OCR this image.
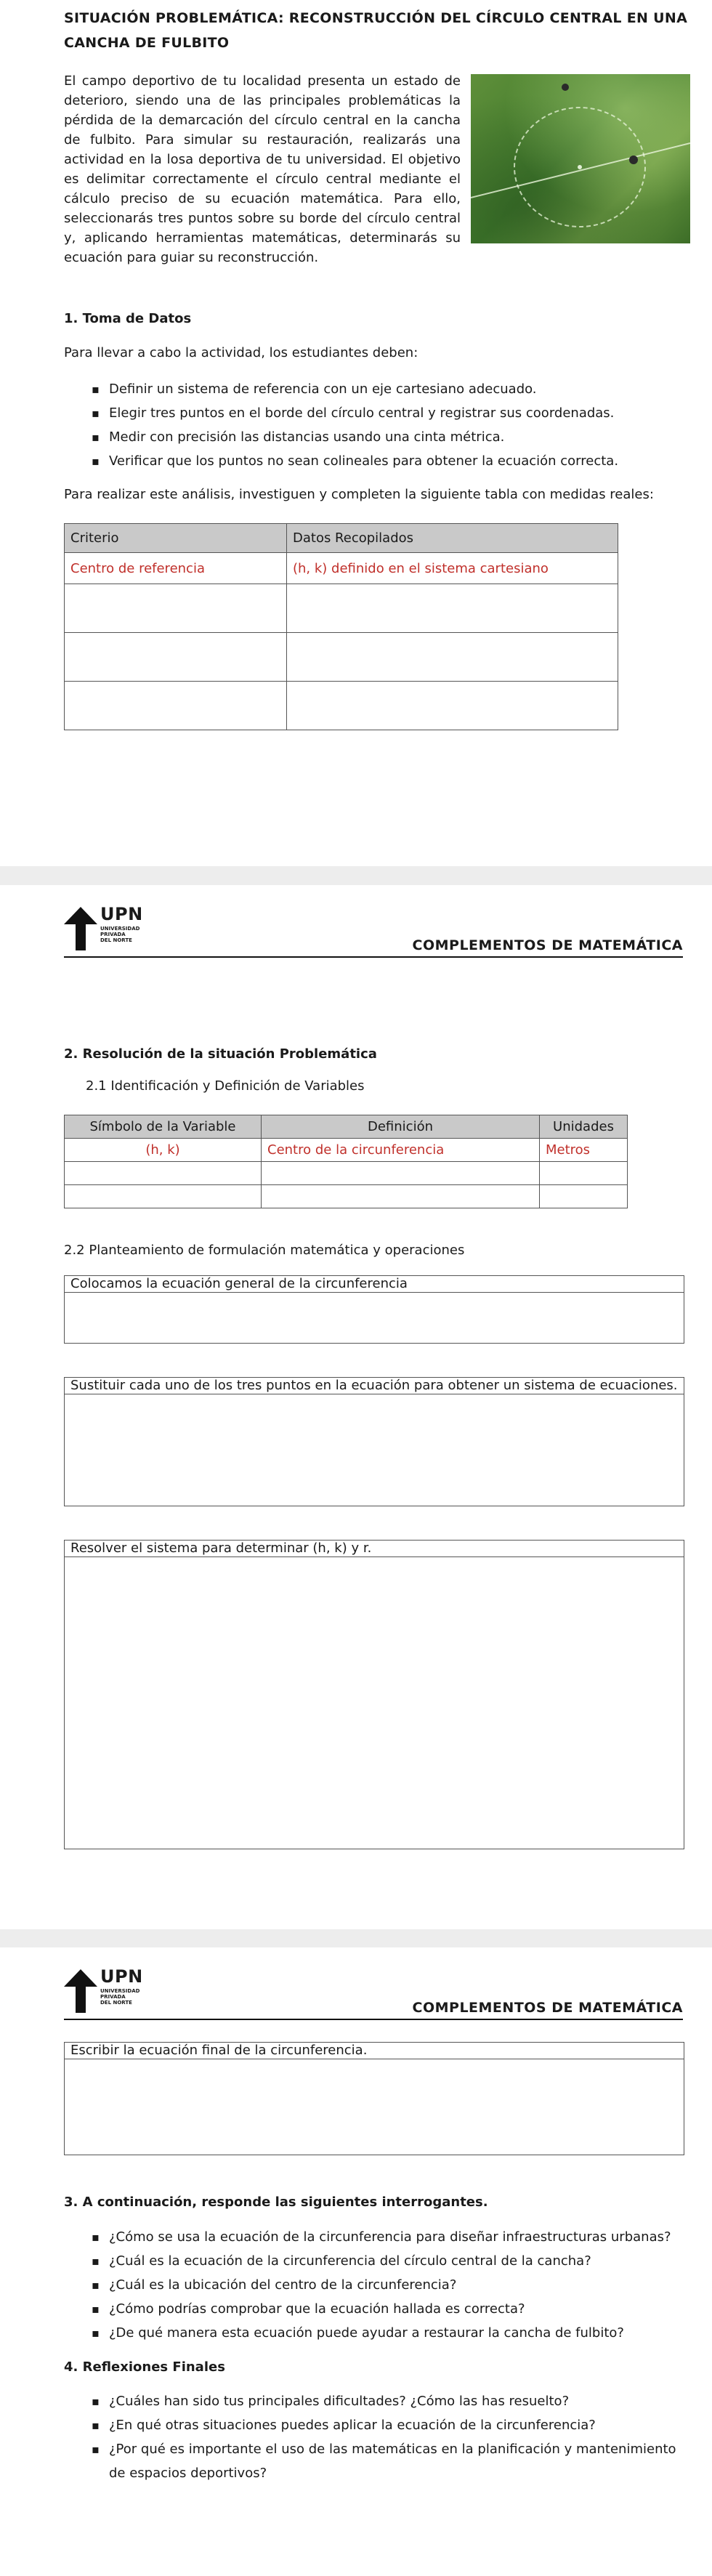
SITUACIÓN PROBLEMÁTICA: RECONSTRUCCIÓN DEL CÍRCULO CENTRAL EN UNA CANCHA DE FULBITO
El campo deportivo de tu localidad presenta un estado de deterioro, siendo una de las principales problemáticas la pérdida de la demarcación del círculo central en la cancha de fulbito. Para simular su restauración, realizarás una actividad en la losa deportiva de tu universidad. El objetivo es delimitar correctamente el círculo central mediante el cálculo preciso de su ecuación matemática. Para ello, seleccionarás tres puntos sobre su borde del círculo central y, aplicando herramientas matemáticas, determinarás su ecuación para guiar su reconstrucción.
1. Toma de Datos
Para llevar a cabo la actividad, los estudiantes deben:
▪ Definir un sistema de referencia con un eje cartesiano adecuado.
▪ Elegir tres puntos en el borde del círculo central y registrar sus coordenadas.
▪ Medir con precisión las distancias usando una cinta métrica.
▪ Verificar que los puntos no sean colineales para obtener la ecuación correcta.
Para realizar este análisis, investiguen y completen la siguiente tabla con medidas reales:
Criterio	Datos Recopilados
Centro de referencia	(h, k) definido en el sistema cartesiano

UPN
UNIVERSIDAD
PRIVADA
DEL NORTE	COMPLEMENTOS DE MATEMÁTICA
2. Resolución de la situación Problemática
2.1 Identificación y Definición de Variables
Símbolo de la Variable	Definición	Unidades
(h, k)	Centro de la circunferencia	Metros

2.2 Planteamiento de formulación matemática y operaciones
Colocamos la ecuación general de la circunferencia
Sustituir cada uno de los tres puntos en la ecuación para obtener un sistema de ecuaciones.
Resolver el sistema para determinar (h, k) y r.
UPN
UNIVERSIDAD
PRIVADA
DEL NORTE	COMPLEMENTOS DE MATEMÁTICA
Escribir la ecuación final de la circunferencia.
3. A continuación, responde las siguientes interrogantes.
▪ ¿Cómo se usa la ecuación de la circunferencia para diseñar infraestructuras urbanas?
▪ ¿Cuál es la ecuación de la circunferencia del círculo central de la cancha?
▪ ¿Cuál es la ubicación del centro de la circunferencia?
▪ ¿Cómo podrías comprobar que la ecuación hallada es correcta?
▪ ¿De qué manera esta ecuación puede ayudar a restaurar la cancha de fulbito?
4. Reflexiones Finales
▪ ¿Cuáles han sido tus principales dificultades? ¿Cómo las has resuelto?
▪ ¿En qué otras situaciones puedes aplicar la ecuación de la circunferencia?
▪ ¿Por qué es importante el uso de las matemáticas en la planificación y mantenimiento de espacios deportivos?
